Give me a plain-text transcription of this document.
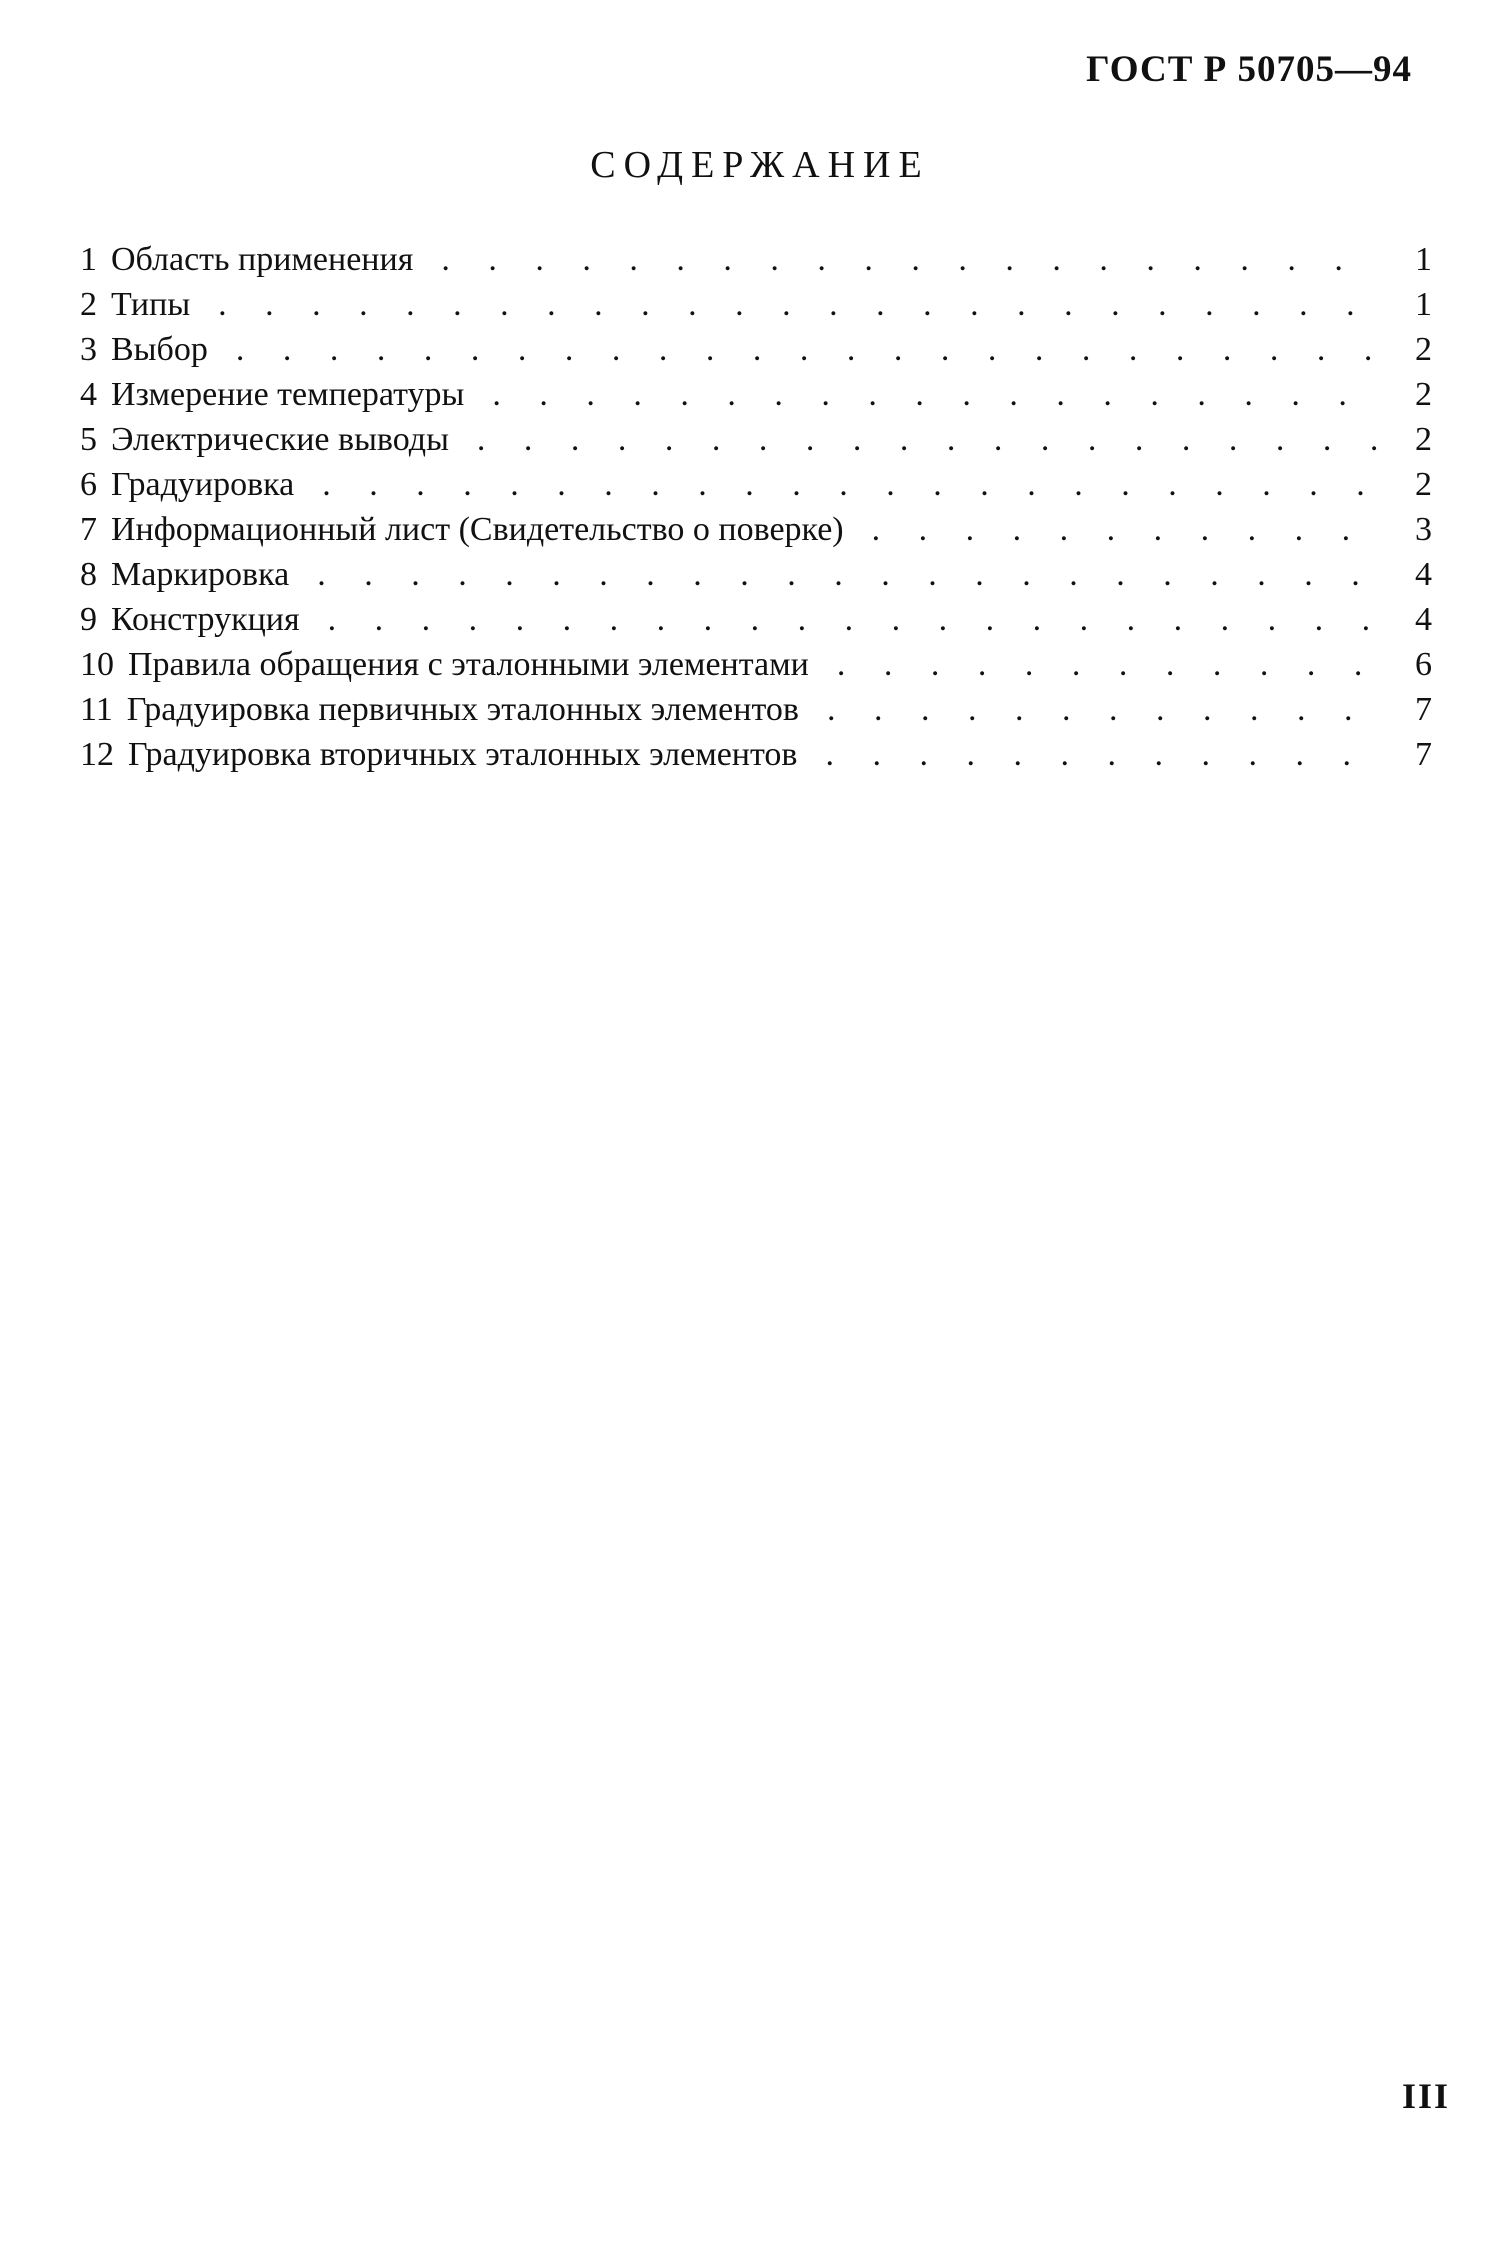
ГОСТ Р 50705—94
СОДЕРЖАНИЕ
1 Область применения . . .	1
2 Типы . . .	1
3 Выбор . . .	2
4 Измерение температуры . . .	2
5 Электрические выводы . . .	2
6 Градуировка . . .	2
7 Информационный лист (Свидетельство о поверке) . . .	3
8 Маркировка . . .	4
9 Конструкция . . .	4
10 Правила обращения с эталонными элементами . . .	6
11 Градуировка первичных эталонных элементов . . .	7
12 Градуировка вторичных эталонных элементов . . .	7
III
